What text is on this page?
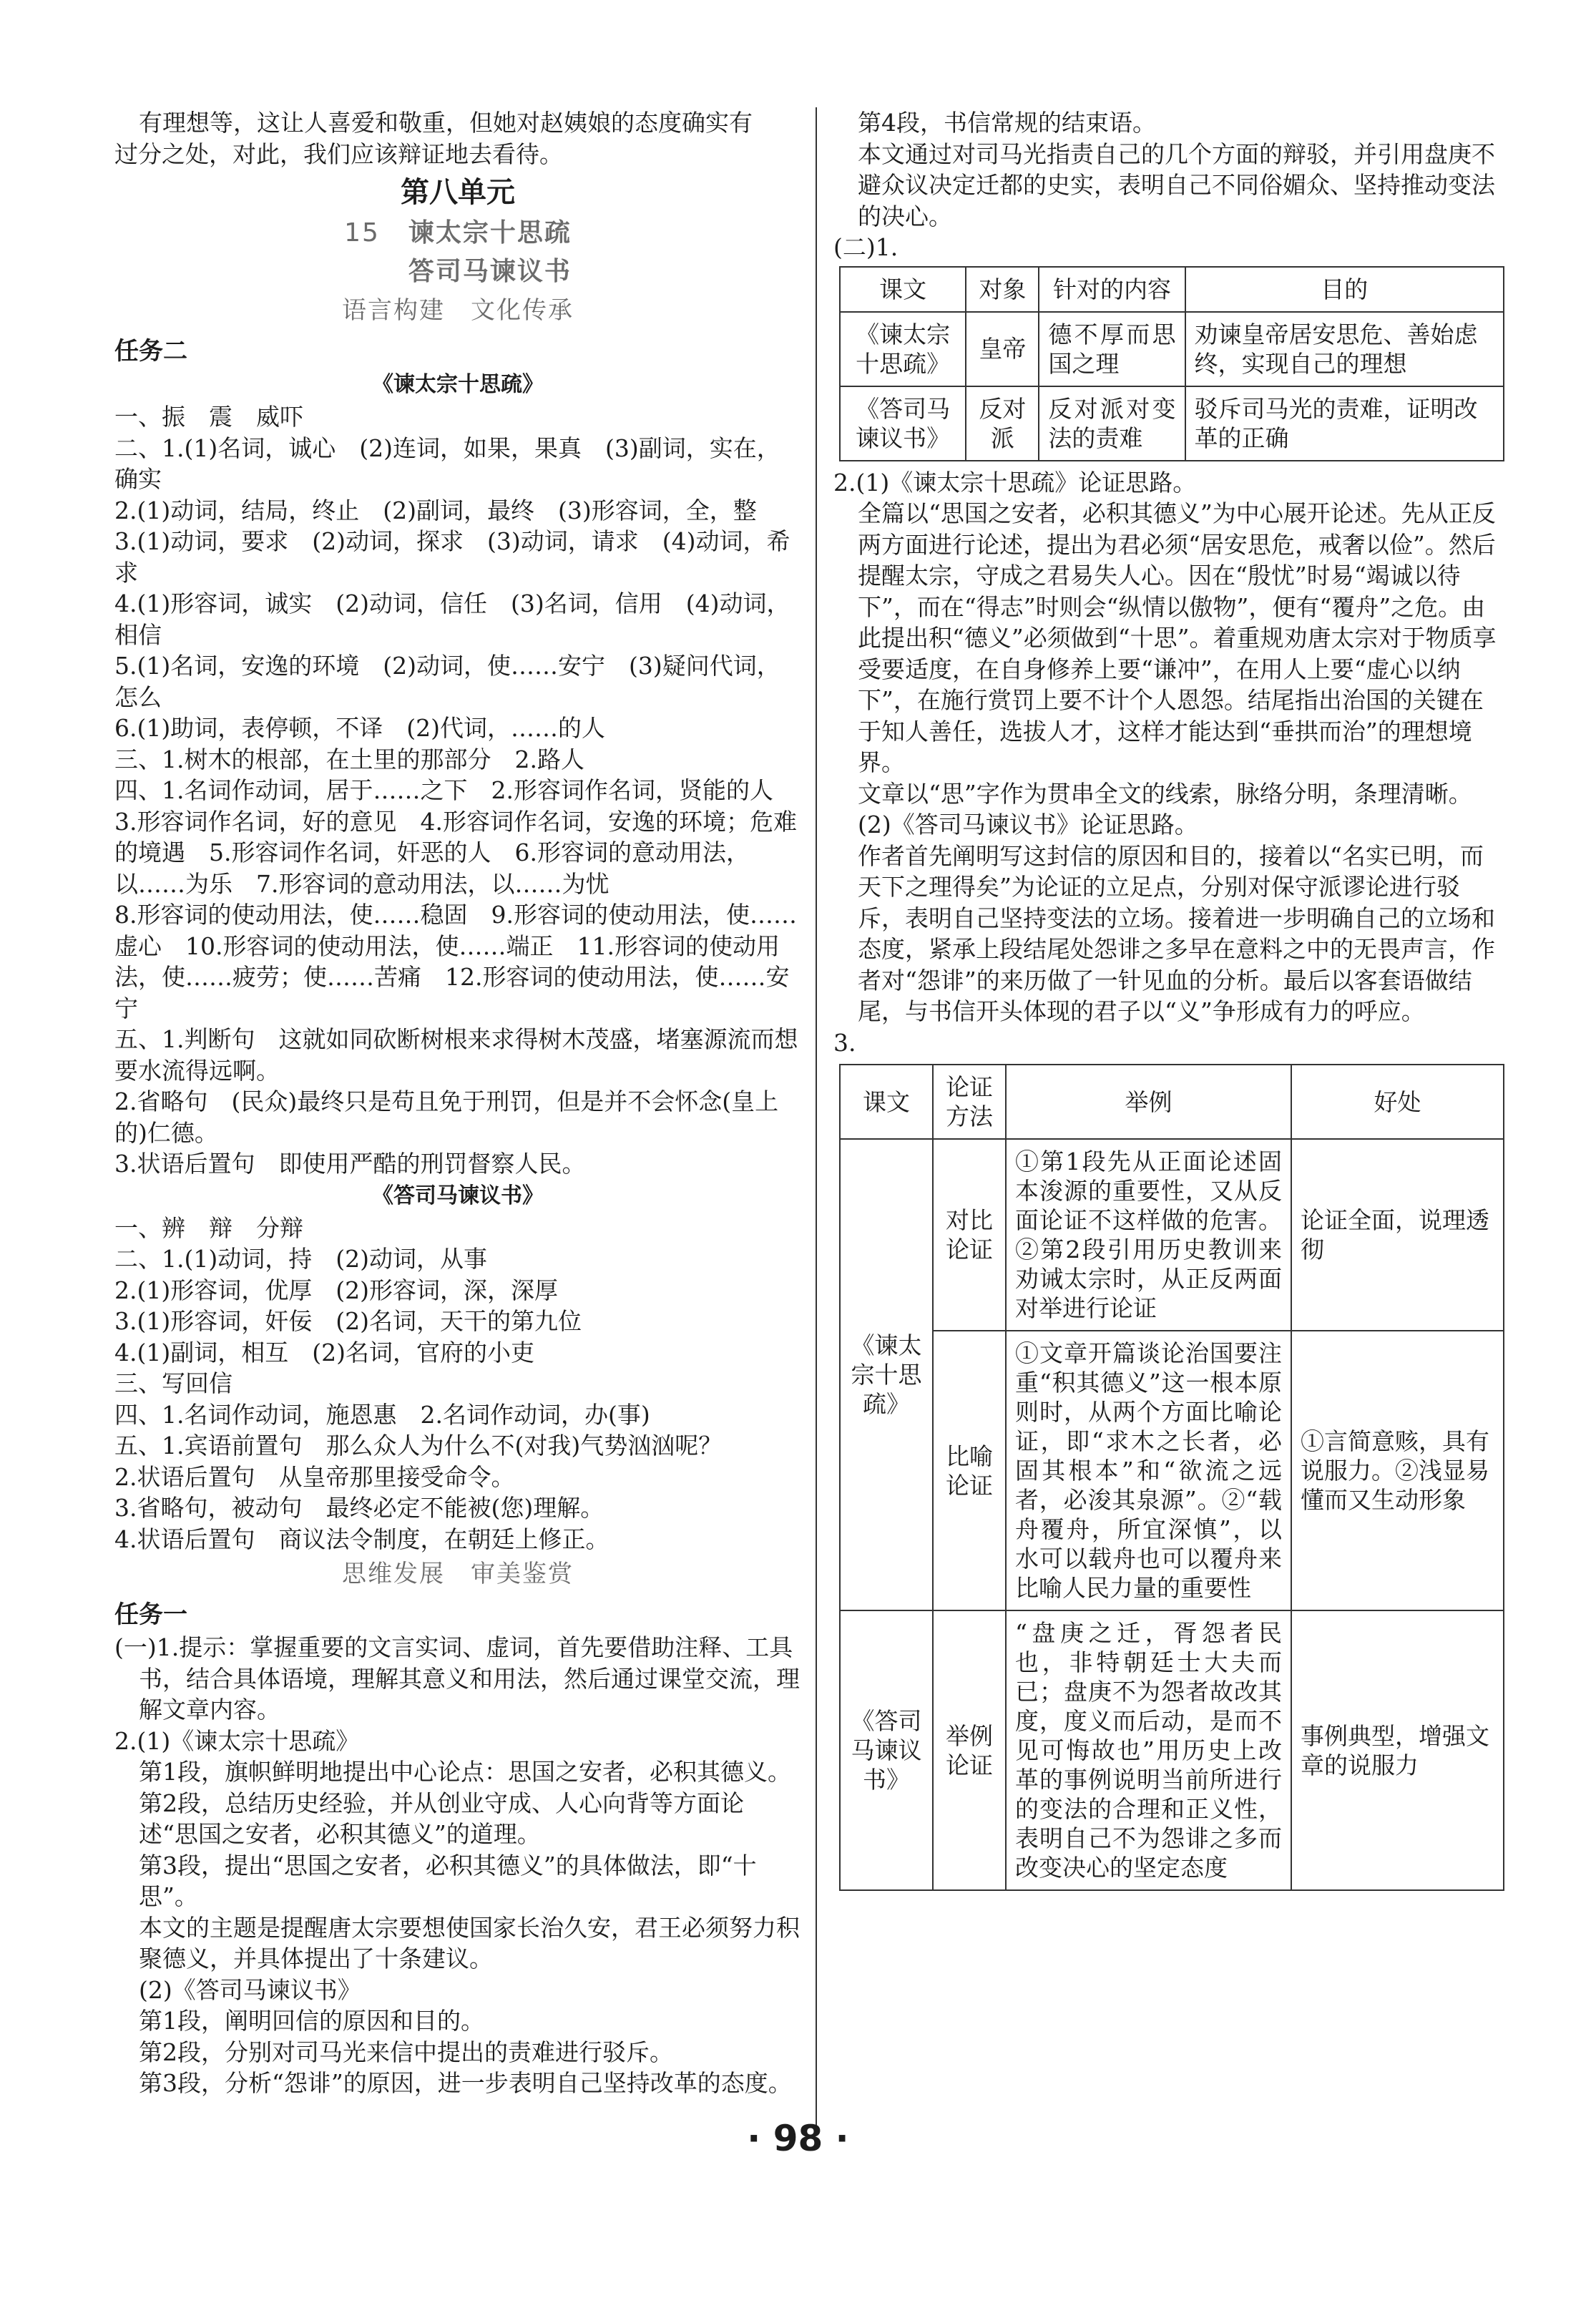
有理想等，这让人喜爱和敬重，但她对赵姨娘的态度确实有

过分之处，对此，我们应该辩证地去看待。

第八单元
15 谏太宗十思疏
答司马谏议书
语言构建　文化传承
任务二
《谏太宗十思疏》

一、振　震　威吓

二、1.(1)名词，诚心　(2)连词，如果，果真　(3)副词，实在，确实

2.(1)动词，结局，终止　(2)副词，最终　(3)形容词，全，整

3.(1)动词，要求　(2)动词，探求　(3)动词，请求　(4)动词，希求

4.(1)形容词，诚实　(2)动词，信任　(3)名词，信用　(4)动词，相信

5.(1)名词，安逸的环境　(2)动词，使……安宁　(3)疑问代词，怎么

6.(1)助词，表停顿，不译　(2)代词，……的人

三、1.树木的根部，在土里的那部分　2.路人

四、1.名词作动词，居于……之下　2.形容词作名词，贤能的人　3.形容词作名词，好的意见　4.形容词作名词，安逸的环境；危难的境遇　5.形容词作名词，奸恶的人　6.形容词的意动用法，以……为乐　7.形容词的意动用法，以……为忧

8.形容词的使动用法，使……稳固　9.形容词的使动用法，使……虚心　10.形容词的使动用法，使……端正　11.形容词的使动用法，使……疲劳；使……苦痛　12.形容词的使动用法，使……安宁

五、1.判断句　这就如同砍断树根来求得树木茂盛，堵塞源流而想要水流得远啊。

2.省略句　(民众)最终只是苟且免于刑罚，但是并不会怀念(皇上的)仁德。

3.状语后置句　即使用严酷的刑罚督察人民。

《答司马谏议书》

一、辨　辩　分辩

二、1.(1)动词，持　(2)动词，从事

2.(1)形容词，优厚　(2)形容词，深，深厚

3.(1)形容词，奸佞　(2)名词，天干的第九位

4.(1)副词，相互　(2)名词，官府的小吏

三、写回信

四、1.名词作动词，施恩惠　2.名词作动词，办(事)

五、1.宾语前置句　那么众人为什么不(对我)气势汹汹呢？

2.状语后置句　从皇帝那里接受命令。

3.省略句，被动句　最终必定不能被(您)理解。

4.状语后置句　商议法令制度，在朝廷上修正。

思维发展　审美鉴赏
任务一

(一)1.提示：掌握重要的文言实词、虚词，首先要借助注释、工具书，结合具体语境，理解其意义和用法，然后通过课堂交流，理解文章内容。

2.(1)《谏太宗十思疏》

第1段，旗帜鲜明地提出中心论点：思国之安者，必积其德义。

第2段，总结历史经验，并从创业守成、人心向背等方面论述“思国之安者，必积其德义”的道理。

第3段，提出“思国之安者，必积其德义”的具体做法，即“十思”。

本文的主题是提醒唐太宗要想使国家长治久安，君王必须努力积聚德义，并具体提出了十条建议。

(2)《答司马谏议书》

第1段，阐明回信的原因和目的。

第2段，分别对司马光来信中提出的责难进行驳斥。

第3段，分析“怨诽”的原因，进一步表明自己坚持改革的态度。

第4段，书信常规的结束语。

本文通过对司马光指责自己的几个方面的辩驳，并引用盘庚不避众议决定迁都的史实，表明自己不同俗媚众、坚持推动变法的决心。

(二)1.

课文	对象	针对的内容	目的
《谏太宗十思疏》	皇帝	德不厚而思国之理	劝谏皇帝居安思危、善始虑终，实现自己的理想
《答司马谏议书》	反对派	反对派对变法的责难	驳斥司马光的责难，证明改革的正确

2.(1)《谏太宗十思疏》论证思路。

全篇以“思国之安者，必积其德义”为中心展开论述。先从正反两方面进行论述，提出为君必须“居安思危，戒奢以俭”。然后提醒太宗，守成之君易失人心。因在“殷忧”时易“竭诚以待下”，而在“得志”时则会“纵情以傲物”，便有“覆舟”之危。由此提出积“德义”必须做到“十思”。着重规劝唐太宗对于物质享受要适度，在自身修养上要“谦冲”，在用人上要“虚心以纳下”，在施行赏罚上要不计个人恩怨。结尾指出治国的关键在于知人善任，选拔人才，这样才能达到“垂拱而治”的理想境界。

文章以“思”字作为贯串全文的线索，脉络分明，条理清晰。

(2)《答司马谏议书》论证思路。

作者首先阐明写这封信的原因和目的，接着以“名实已明，而天下之理得矣”为论证的立足点，分别对保守派谬论进行驳斥，表明自己坚持变法的立场。接着进一步明确自己的立场和态度，紧承上段结尾处怨诽之多早在意料之中的无畏声言，作者对“怨诽”的来历做了一针见血的分析。最后以客套语做结尾，与书信开头体现的君子以“义”争形成有力的呼应。

3.

课文	论证方法	举例	好处
《谏太宗十思疏》	对比论证	①第1段先从正面论述固本浚源的重要性，又从反面论证不这样做的危害。②第2段引用历史教训来劝诫太宗时，从正反两面对举进行论证	论证全面，说理透彻
	比喻论证	①文章开篇谈论治国要注重“积其德义”这一根本原则时，从两个方面比喻论证，即“求木之长者，必固其根本”和“欲流之远者，必浚其泉源”。②“载舟覆舟，所宜深慎”，以水可以载舟也可以覆舟来比喻人民力量的重要性	①言简意赅，具有说服力。②浅显易懂而又生动形象
《答司马谏议书》	举例论证	“盘庚之迁，胥怨者民也，非特朝廷士大夫而已；盘庚不为怨者故改其度，度义而后动，是而不见可悔故也”用历史上改革的事例说明当前所进行的变法的合理和正义性，表明自己不为怨诽之多而改变决心的坚定态度	事例典型，增强文章的说服力
· 98 ·
